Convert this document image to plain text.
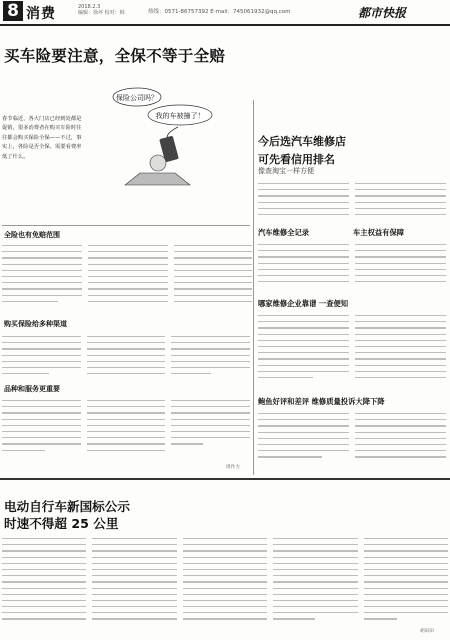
8 消费	2018.2.3
编辑：徐坏 校对：韩	热线：0571-86757392 E-mail：745061932@qq.com	都市快报
买车险要注意，全保不等于全赔
保险公司吗？
我的车被撞了！
春节临近，各大门店已经到处都是促销，很多消费者在购买车险时往往都会购买保险全保——不过，事实上，各险是否全保，需要看费率低了什么。
全险也有免赔范围
购买保险给多种渠道
品种和服务更重要
周作力
今后选汽车维修店
可先看信用排名
像查淘宝一样方便
汽车维修全记录	车主权益有保障
哪家维修企业靠谱 一查便知
鲍鱼好评和差评 维修质量投诉大降下降
电动自行车新国标公示
时速不得超 25 公里
胡田田
